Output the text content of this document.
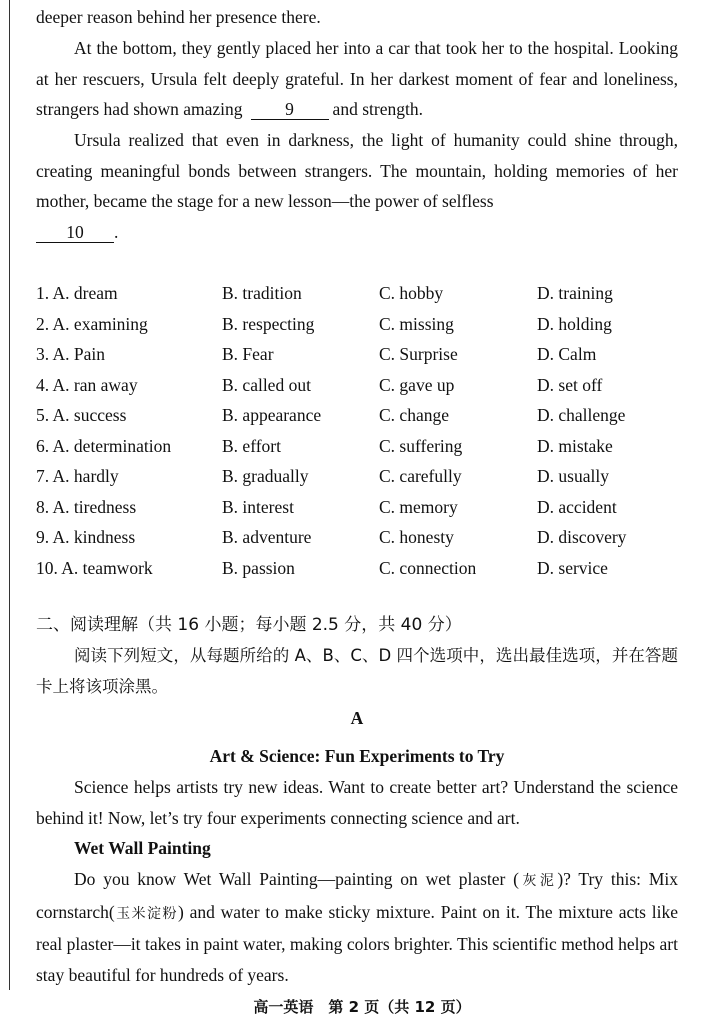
deeper reason behind her presence there.

At the bottom, they gently placed her into a car that took her to the hospital. Looking at her rescuers, Ursula felt deeply grateful. In her darkest moment of fear and loneliness, strangers had shown amazing 9 and strength.

Ursula realized that even in darkness, the light of humanity could shine through, creating meaningful bonds between strangers. The mountain, holding memories of her mother, became the stage for a new lesson—the power of selfless
10 .

1. A. dream	B. tradition	C. hobby	D. training
2. A. examining	B. respecting	C. missing	D. holding
3. A. Pain	B. Fear	C. Surprise	D. Calm
4. A. ran away	B. called out	C. gave up	D. set off
5. A. success	B. appearance	C. change	D. challenge
6. A. determination	B. effort	C. suffering	D. mistake
7. A. hardly	B. gradually	C. carefully	D. usually
8. A. tiredness	B. interest	C. memory	D. accident
9. A. kindness	B. adventure	C. honesty	D. discovery
10. A. teamwork	B. passion	C. connection	D. service
二、阅读理解（共 16 小题；每小题 2.5 分，共 40 分）

阅读下列短文，从每题所给的 A、B、C、D 四个选项中，选出最佳选项，并在答题卡上将该项涂黑。

A
Art & Science: Fun Experiments to Try

Science helps artists try new ideas. Want to create better art? Understand the science behind it! Now, let’s try four experiments connecting science and art.

Wet Wall Painting

Do you know Wet Wall Painting—painting on wet plaster (灰泥)? Try this: Mix cornstarch(玉米淀粉) and water to make sticky mixture. Paint on it. The mixture acts like real plaster—it takes in paint water, making colors brighter. This scientific method helps art stay beautiful for hundreds of years.

高一英语　第 2 页（共 12 页）
